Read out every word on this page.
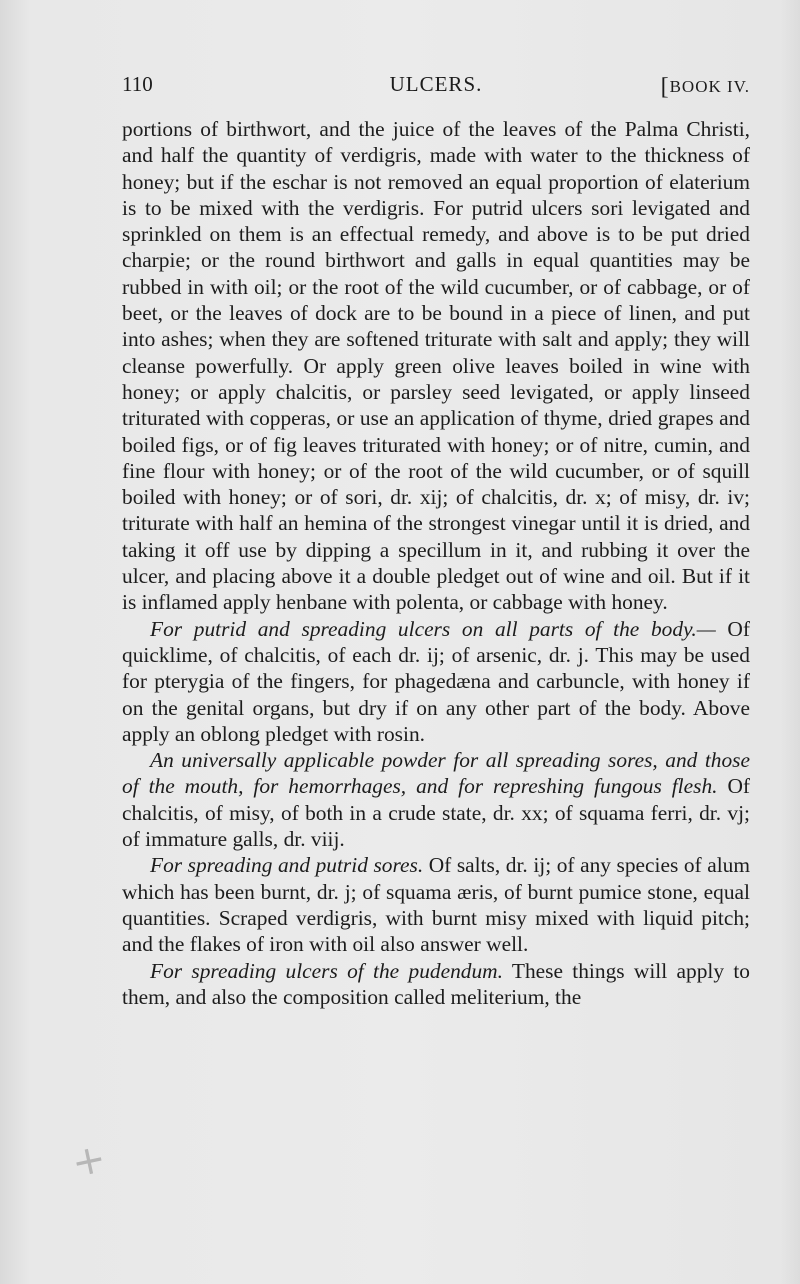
110	ULCERS.	[BOOK IV.

portions of birthwort, and the juice of the leaves of the Palma Christi, and half the quantity of verdigris, made with water to the thickness of honey; but if the eschar is not removed an equal proportion of elaterium is to be mixed with the verdigris. For putrid ulcers sori levigated and sprinkled on them is an effectual remedy, and above is to be put dried charpie; or the round birthwort and galls in equal quantities may be rubbed in with oil; or the root of the wild cucumber, or of cabbage, or of beet, or the leaves of dock are to be bound in a piece of linen, and put into ashes; when they are softened triturate with salt and apply; they will cleanse powerfully. Or apply green olive leaves boiled in wine with honey; or apply chalcitis, or parsley seed levigated, or apply linseed triturated with copperas, or use an application of thyme, dried grapes and boiled figs, or of fig leaves triturated with honey; or of nitre, cumin, and fine flour with honey; or of the root of the wild cucumber, or of squill boiled with honey; or of sori, dr. xij; of chalcitis, dr. x; of misy, dr. iv; triturate with half an hemina of the strongest vinegar until it is dried, and taking it off use by dipping a specillum in it, and rubbing it over the ulcer, and placing above it a double pledget out of wine and oil. But if it is inflamed apply henbane with polenta, or cabbage with honey.

For putrid and spreading ulcers on all parts of the body.— Of quicklime, of chalcitis, of each dr. ij; of arsenic, dr. j. This may be used for pterygia of the fingers, for phagedæna and carbuncle, with honey if on the genital organs, but dry if on any other part of the body. Above apply an oblong pledget with rosin.

An universally applicable powder for all spreading sores, and those of the mouth, for hemorrhages, and for represhing fungous flesh. Of chalcitis, of misy, of both in a crude state, dr. xx; of squama ferri, dr. vj; of immature galls, dr. viij.

For spreading and putrid sores. Of salts, dr. ij; of any species of alum which has been burnt, dr. j; of squama æris, of burnt pumice stone, equal quantities. Scraped verdigris, with burnt misy mixed with liquid pitch; and the flakes of iron with oil also answer well.

For spreading ulcers of the pudendum. These things will apply to them, and also the composition called meliterium, the

+
